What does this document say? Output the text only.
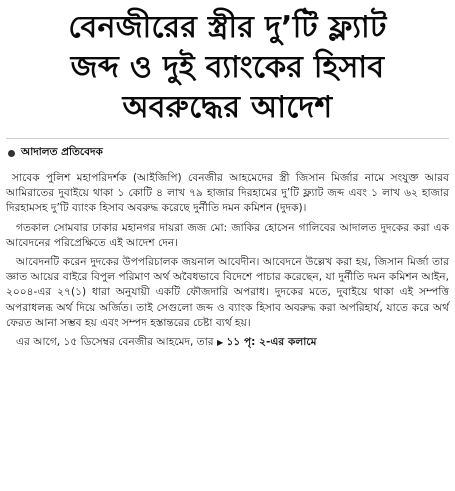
বেনজীরের স্ত্রীর দু’টি ফ্ল্যাট
জব্দ ও দুই ব্যাংকের হিসাব
অবরুদ্ধের আদেশ
আদালত প্রতিবেদক

সাবেক পুলিশ মহাপরিদর্শক (আইজিপি) বেনজীর আহমেদের স্ত্রী জিসান মির্জার নামে সংযুক্ত আরব আমিরাতের দুবাইয়ে থাকা ১ কোটি ৪ লাখ ৭৯ হাজার দিরহামের দু’টি ফ্ল্যাট জব্দ এবং ১ লাখ ৬২ হাজার দিরহামসহ দু’টি ব্যাংক হিসাব অবরুদ্ধ করেছে দুর্নীতি দমন কমিশন (দুদক)।

গতকাল সোমবার ঢাকার মহানগর দায়রা জজ মো: জাকির হোসেন গালিবের আদালত দুদকের করা এক আবেদনের পরিপ্রেক্ষিতে এই আদেশ দেন।

আবেদনটি করেন দুদকের উপপরিচালক জয়নাল আবেদীন। আবেদনে উল্লেখ করা হয়, জিসান মির্জা তার জ্ঞাত আয়ের বাইরে বিপুল পরিমাণ অর্থ অবৈধভাবে বিদেশে পাচার করেছেন, যা দুর্নীতি দমন কমিশন আইন, ২০০৪-এর ২৭(১) ধারা অনুযায়ী একটি ফৌজদারি অপরাধ। দুদকের মতে, দুবাইয়ে থাকা এই সম্পত্তি অপরাধলব্ধ অর্থ দিয়ে অর্জিত। তাই সেগুলো জব্দ ও ব্যাংক হিসাব অবরুদ্ধ করা অপরিহার্য, যাতে করে অর্থ ফেরত আনা সম্ভব হয় এবং সম্পদ হস্তান্তরের চেষ্টা ব্যর্থ হয়।

এর আগে, ১৫ ডিসেম্বর বেনজীর আহমেদ, তার ▶ ১১ পৃ: ২-এর কলামে
